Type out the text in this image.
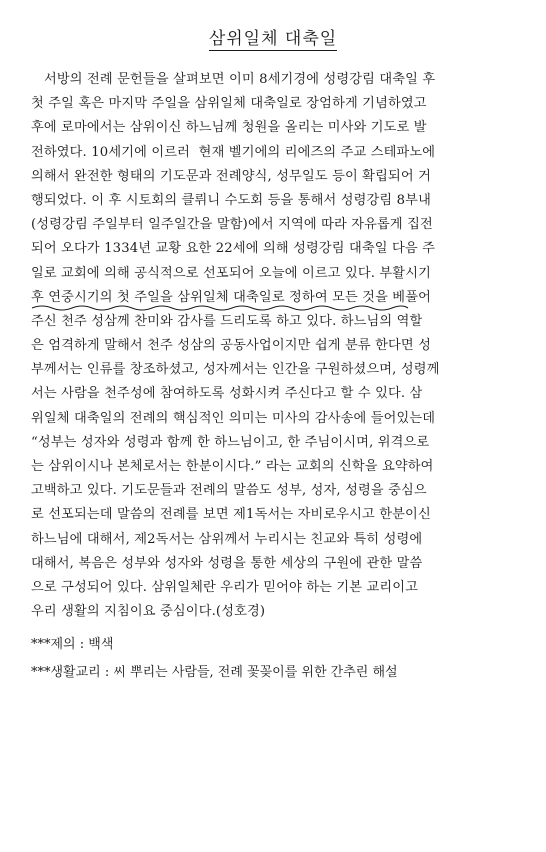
삼위일체 대축일
서방의 전례 문헌들을 살펴보면 이미 8세기경에 성령강림 대축일 후
첫 주일 혹은 마지막 주일을 삼위일체 대축일로 장엄하게 기념하였고
후에 로마에서는 삼위이신 하느님께 청원을 올리는 미사와 기도로 발
전하였다. 10세기에 이르러  현재 벨기에의 리에즈의 주교 스테파노에
의해서 완전한 형태의 기도문과 전례양식, 성무일도 등이 확립되어 거
행되었다. 이 후 시토회의 클뤼니 수도회 등을 통해서 성령강림 8부내
(성령강림 주일부터 일주일간을 말함)에서 지역에 따라 자유롭게 집전
되어 오다가 1334년 교황 요한 22세에 의해 성령강림 대축일 다음 주
일로 교회에 의해 공식적으로 선포되어 오늘에 이르고 있다. 부활시기
후 연중시기의 첫 주일을 삼위일체 대축일로 정하여 모든 것을 베풀어
주신 천주 성삼께 찬미와 감사를 드리도록 하고 있다. 하느님의 역할
은 엄격하게 말해서 천주 성삼의 공동사업이지만 쉽게 분류 한다면 성
부께서는 인류를 창조하셨고, 성자께서는 인간을 구원하셨으며, 성령께
서는 사람을 천주성에 참여하도록 성화시켜 주신다고 할 수 있다. 삼
위일체 대축일의 전례의 핵심적인 의미는 미사의 감사송에 들어있는데
“성부는 성자와 성령과 함께 한 하느님이고, 한 주님이시며, 위격으로
는 삼위이시나 본체로서는 한분이시다.” 라는 교회의 신학을 요약하여
고백하고 있다. 기도문들과 전례의 말씀도 성부, 성자, 성령을 중심으
로 선포되는데 말씀의 전례를 보면 제1독서는 자비로우시고 한분이신
하느님에 대해서, 제2독서는 삼위께서 누리시는 친교와 특히 성령에
대해서, 복음은 성부와 성자와 성령을 통한 세상의 구원에 관한 말씀
으로 구성되어 있다. 삼위일체란 우리가 믿어야 하는 기본 교리이고
우리 생활의 지침이요 중심이다.(성호경)
***제의 : 백색
***생활교리 : 씨 뿌리는 사람들, 전례 꽃꽂이를 위한 간추린 해설
